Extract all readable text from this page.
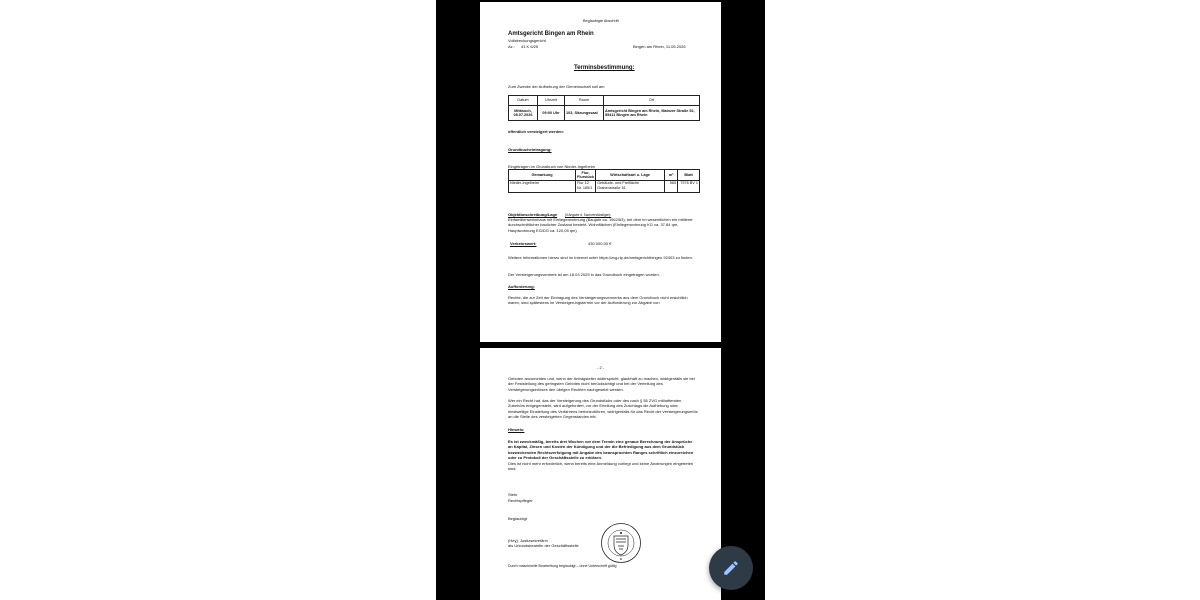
Beglaubigte Abschrift
Amtsgericht Bingen am Rhein
Vollstreckungsgericht
Az.: 41 K 6/25	Bingen am Rhein, 11.05.2026
Terminsbestimmung:
Zum Zwecke der Aufhebung der Gemeinschaft soll am
Datum	Uhrzeit	Raum	Ort
Mittwoch, 08.07.2026	09:00 Uhr	103, Sitzungssaal	Amtsgericht Bingen am Rhein, Mainzer Straße 52, 55411 Bingen am Rhein
öffentlich versteigert werden:
Grundbucheintragung:
Eingetragen im Grundbuch von Nieder-Ingelheim
Gemarkung	Flur, Flurstück	Wirtschaftsart u. Lage	m²	Blatt
Nieder-Ingelheim	Flur 12 Nr. 185/1	Gebäude- und Freifläche Grabenstraße 51	565	7976 BV 1
Objektbeschreibung/Lage (lt Angabe d. Sachverständigen):
Einfamilienwohnhaus mit Einliegerwohnung (Baujahr ca. 1962/63), bei dem im wesentlichen ein mittlerer durchschnittlicher baulicher Zustand besteht. Wohnflächen (Einliegerwohnung KG ca. 37,84 qm, Hauptwohnung EG/DG ca. 120,05 qm)
Verkehrswert:	430.000,00 €
Weitere Informationen hierzu sind im Internet unter https://zvg.rlp.de/amtsgerichtbingen.92403 zu finden.
Der Versteigerungsvermerk ist am 18.03.2025 in das Grundbuch eingetragen worden.
Aufforderung:
Rechte, die zur Zeit der Eintragung des Versteigerungsvermerks aus dem Grundbuch nicht ersichtlich waren, sind spätestens im Versteigerungstermin vor der Aufforderung zur Abgabe von
- 2 -
Geboten anzumelden und, wenn der Antragsteller widerspricht, glaubhaft zu machen, widrigenfalls sie bei der Feststellung des geringsten Gebotes nicht berücksichtigt und bei der Verteilung des Versteigerungserlöses den übrigen Rechten nachgesetzt werden.
Wer ein Recht hat, das der Versteigerung des Grundstücks oder des nach § 55 ZVG mithaftenden Zubehörs entgegensteht, wird aufgefordert, vor der Erteilung des Zuschlags die Aufhebung oder einstweilige Einstellung des Verfahrens herbeizuführen, widrigenfalls für das Recht der Versteigerungserlös an die Stelle des versteigerten Gegenstandes tritt.
Hinweis:
Es ist zweckmäßig, bereits drei Wochen vor dem Termin eine genaue Berechnung der Ansprüche an Kapital, Zinsen und Kosten der Kündigung und der die Befriedigung aus dem Grundstück bezweckenden Rechtsverfolgung mit Angabe des beanspruchten Ranges schriftlich einzureichen oder zu Protokoll der Geschäftsstelle zu erklären.
Dies ist nicht mehr erforderlich, wenn bereits eine Anmeldung vorliegt und keine Änderungen eingetreten sind.
Stehr
Rechtspfleger
Beglaubigt
(Hey), Justizsekretärin
als Urkundsbeamtin der Geschäftsstelle
Durch maschinelle Bearbeitung beglaubigt – ohne Unterschrift gültig
